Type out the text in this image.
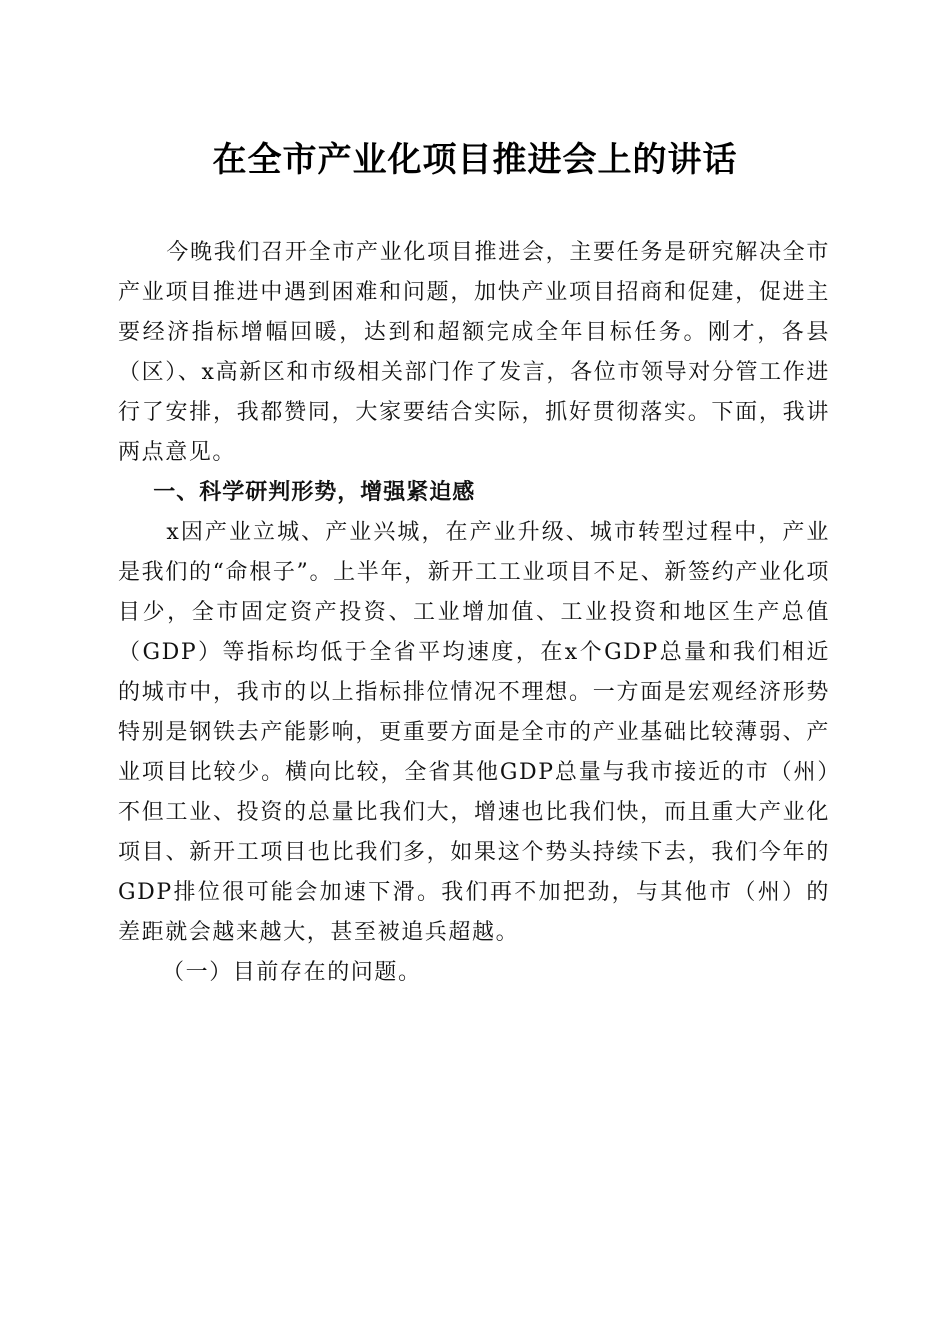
在全市产业化项目推进会上的讲话

今晚我们召开全市产业化项目推进会，主要任务是研究解决全市产业项目推进中遇到困难和问题，加快产业项目招商和促建，促进主要经济指标增幅回暖，达到和超额完成全年目标任务。刚才，各县（区）、x高新区和市级相关部门作了发言，各位市领导对分管工作进行了安排，我都赞同，大家要结合实际，抓好贯彻落实。下面，我讲两点意见。

一、科学研判形势，增强紧迫感

x因产业立城、产业兴城，在产业升级、城市转型过程中，产业是我们的“命根子”。上半年，新开工工业项目不足、新签约产业化项目少，全市固定资产投资、工业增加值、工业投资和地区生产总值（GDP）等指标均低于全省平均速度，在x个GDP总量和我们相近的城市中，我市的以上指标排位情况不理想。一方面是宏观经济形势特别是钢铁去产能影响，更重要方面是全市的产业基础比较薄弱、产业项目比较少。横向比较，全省其他GDP总量与我市接近的市（州）不但工业、投资的总量比我们大，增速也比我们快，而且重大产业化项目、新开工项目也比我们多，如果这个势头持续下去，我们今年的GDP排位很可能会加速下滑。我们再不加把劲，与其他市（州）的差距就会越来越大，甚至被追兵超越。

（一）目前存在的问题。
